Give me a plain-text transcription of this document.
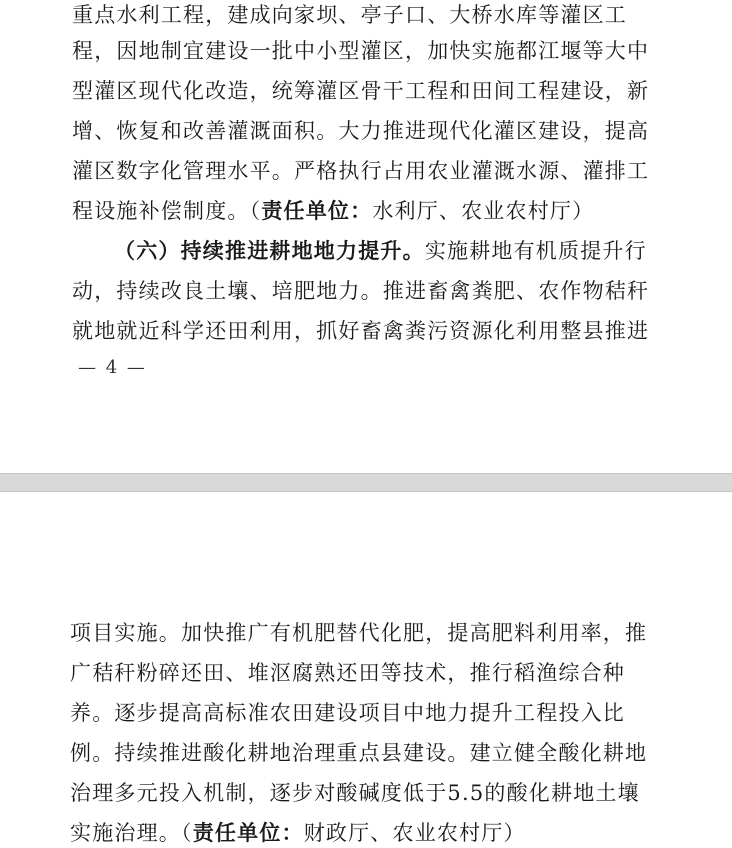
重点水利工程，建成向家坝、亭子口、大桥水库等灌区工
程，因地制宜建设一批中小型灌区，加快实施都江堰等大中
型灌区现代化改造，统筹灌区骨干工程和田间工程建设，新
增、恢复和改善灌溉面积。大力推进现代化灌区建设，提高
灌区数字化管理水平。严格执行占用农业灌溉水源、灌排工
程设施补偿制度。（责任单位：水利厅、农业农村厅）
（六）持续推进耕地地力提升。实施耕地有机质提升行
动，持续改良土壤、培肥地力。推进畜禽粪肥、农作物秸秆
就地就近科学还田利用，抓好畜禽粪污资源化利用整县推进
— 4 —
项目实施。加快推广有机肥替代化肥，提高肥料利用率，推
广秸秆粉碎还田、堆沤腐熟还田等技术，推行稻渔综合种
养。逐步提高高标准农田建设项目中地力提升工程投入比
例。持续推进酸化耕地治理重点县建设。建立健全酸化耕地
治理多元投入机制，逐步对酸碱度低于5.5的酸化耕地土壤
实施治理。（责任单位：财政厅、农业农村厅）
